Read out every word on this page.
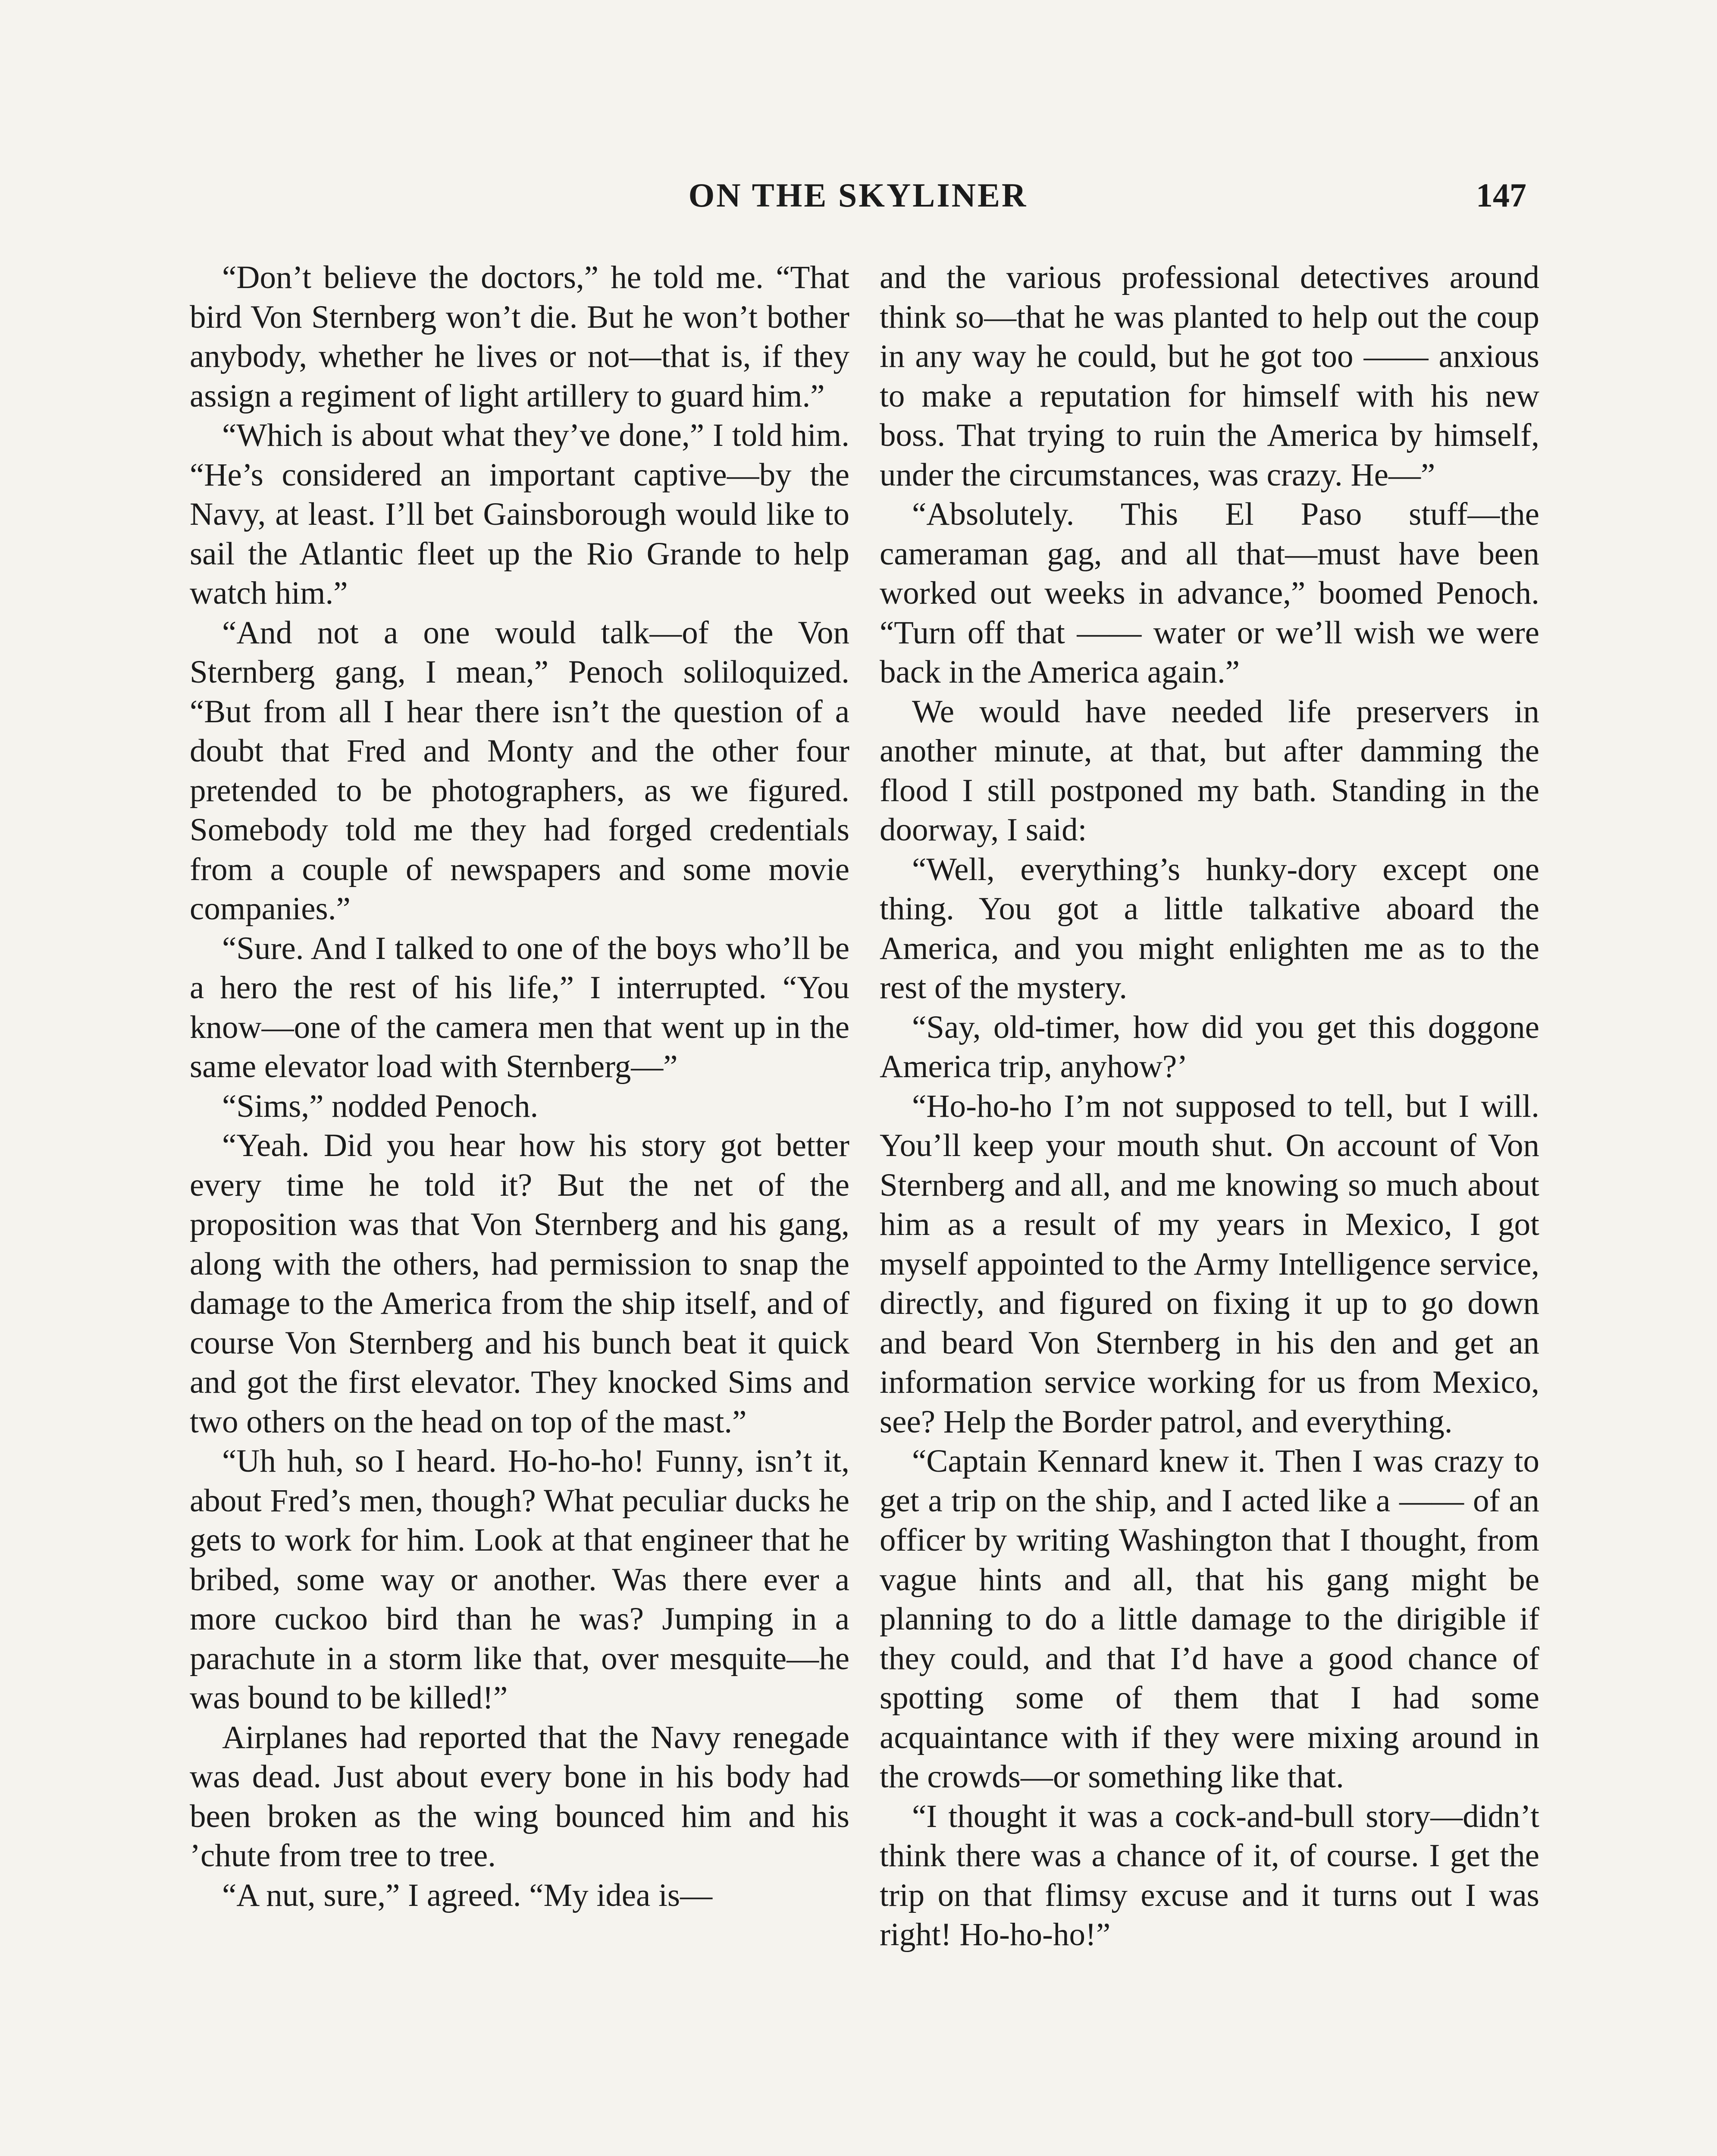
ON THE SKYLINER	147

“Don’t believe the doctors,” he told me. “That bird Von Sternberg won’t die. But he won’t bother anybody, whether he lives or not—that is, if they assign a regiment of light artillery to guard him.”

“Which is about what they’ve done,” I told him. “He’s considered an important captive—by the Navy, at least. I’ll bet Gainsborough would like to sail the Atlantic fleet up the Rio Grande to help watch him.”

“And not a one would talk—of the Von Sternberg gang, I mean,” Penoch soliloquized. “But from all I hear there isn’t the question of a doubt that Fred and Monty and the other four pretended to be photographers, as we figured. Somebody told me they had forged credentials from a couple of newspapers and some movie companies.”

“Sure. And I talked to one of the boys who’ll be a hero the rest of his life,” I interrupted. “You know—one of the camera men that went up in the same elevator load with Sternberg—”

“Sims,” nodded Penoch.

“Yeah. Did you hear how his story got better every time he told it? But the net of the proposition was that Von Sternberg and his gang, along with the others, had permission to snap the damage to the America from the ship itself, and of course Von Sternberg and his bunch beat it quick and got the first elevator. They knocked Sims and two others on the head on top of the mast.”

“Uh huh, so I heard. Ho-ho-ho! Funny, isn’t it, about Fred’s men, though? What peculiar ducks he gets to work for him. Look at that engineer that he bribed, some way or another. Was there ever a more cuckoo bird than he was? Jumping in a parachute in a storm like that, over mesquite—he was bound to be killed!”

Airplanes had reported that the Navy renegade was dead. Just about every bone in his body had been broken as the wing bounced him and his ’chute from tree to tree.

“A nut, sure,” I agreed. “My idea is—

and the various professional detectives around think so—that he was planted to help out the coup in any way he could, but he got too —— anxious to make a reputation for himself with his new boss. That trying to ruin the America by himself, under the circumstances, was crazy. He—”

“Absolutely. This El Paso stuff—the cameraman gag, and all that—must have been worked out weeks in advance,” boomed Penoch. “Turn off that —— water or we’ll wish we were back in the America again.”

We would have needed life preservers in another minute, at that, but after damming the flood I still postponed my bath. Standing in the doorway, I said:

“Well, everything’s hunky-dory except one thing. You got a little talkative aboard the America, and you might enlighten me as to the rest of the mystery.

“Say, old-timer, how did you get this doggone America trip, anyhow?’

“Ho-ho-ho I’m not supposed to tell, but I will. You’ll keep your mouth shut. On account of Von Sternberg and all, and me knowing so much about him as a result of my years in Mexico, I got myself appointed to the Army Intelligence service, directly, and figured on fixing it up to go down and beard Von Sternberg in his den and get an information service working for us from Mexico, see? Help the Border patrol, and everything.

“Captain Kennard knew it. Then I was crazy to get a trip on the ship, and I acted like a —— of an officer by writing Washington that I thought, from vague hints and all, that his gang might be planning to do a little damage to the dirigible if they could, and that I’d have a good chance of spotting some of them that I had some acquaintance with if they were mixing around in the crowds—or something like that.

“I thought it was a cock-and-bull story—didn’t think there was a chance of it, of course. I get the trip on that flimsy excuse and it turns out I was right! Ho-ho-ho!”
